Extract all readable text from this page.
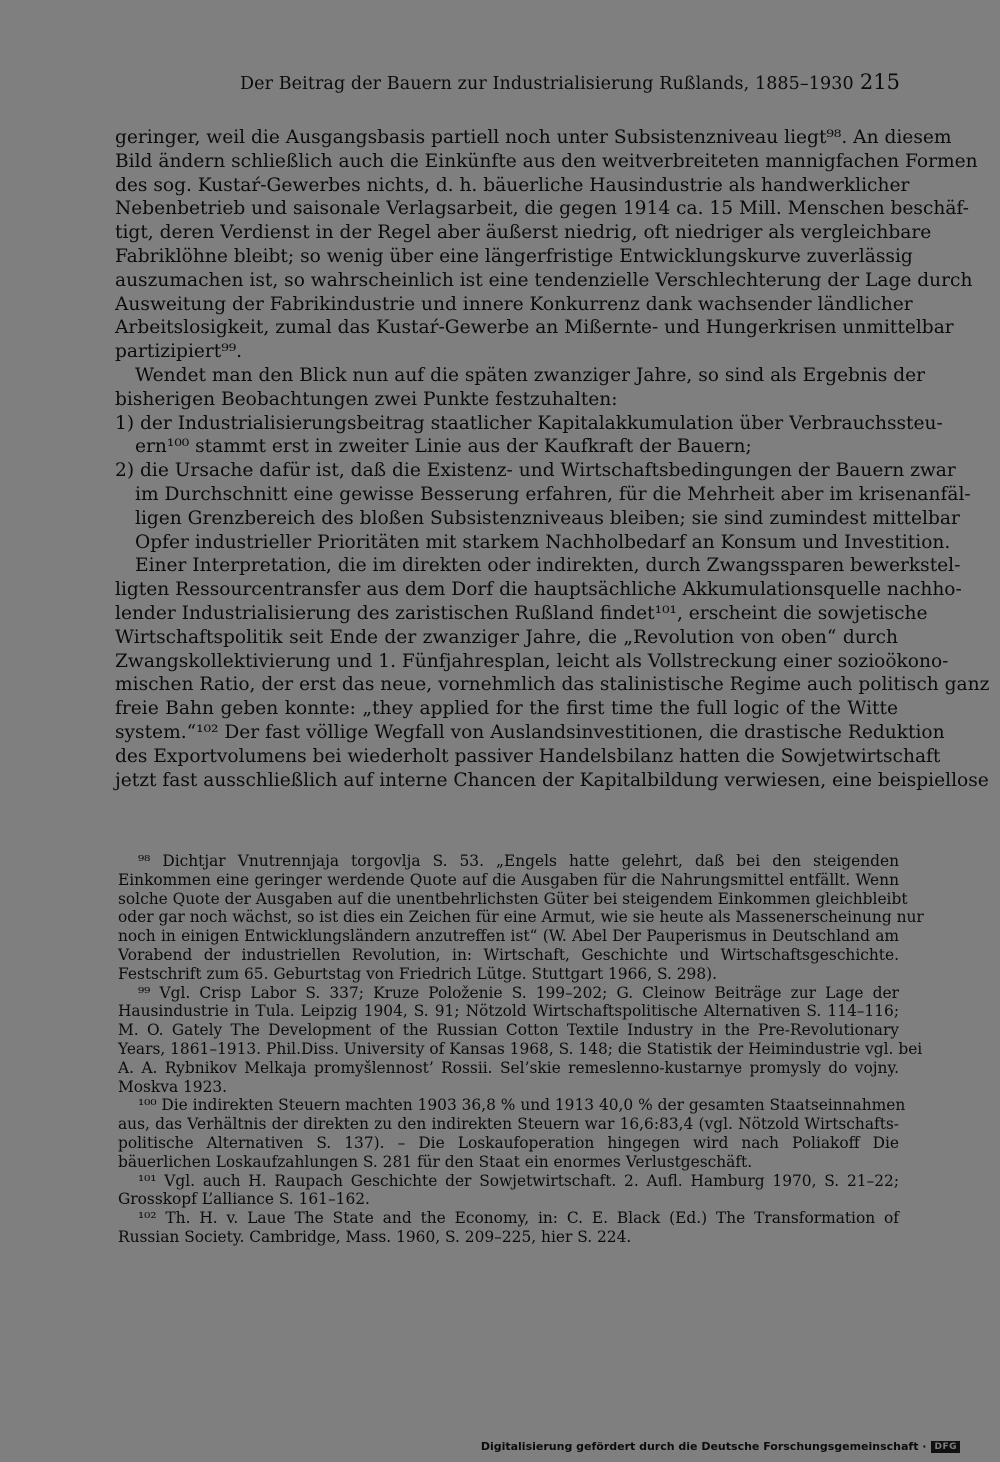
Der Beitrag der Bauern zur Industrialisierung Rußlands, 1885–1930 215
geringer, weil die Ausgangsbasis partiell noch unter Subsistenzniveau liegt⁹⁸. An diesem
Bild ändern schließlich auch die Einkünfte aus den weitverbreiteten mannigfachen Formen
des sog. Kustaŕ-Gewerbes nichts, d. h. bäuerliche Hausindustrie als handwerklicher
Nebenbetrieb und saisonale Verlagsarbeit, die gegen 1914 ca. 15 Mill. Menschen beschäf-
tigt, deren Verdienst in der Regel aber äußerst niedrig, oft niedriger als vergleichbare
Fabriklöhne bleibt; so wenig über eine längerfristige Entwicklungskurve zuverlässig
auszumachen ist, so wahrscheinlich ist eine tendenzielle Verschlechterung der Lage durch
Ausweitung der Fabrikindustrie und innere Konkurrenz dank wachsender ländlicher
Arbeitslosigkeit, zumal das Kustaŕ-Gewerbe an Mißernte- und Hungerkrisen unmittelbar
partizipiert⁹⁹.
Wendet man den Blick nun auf die späten zwanziger Jahre, so sind als Ergebnis der
bisherigen Beobachtungen zwei Punkte festzuhalten:
1) der Industrialisierungsbeitrag staatlicher Kapitalakkumulation über Verbrauchssteu-
ern¹⁰⁰ stammt erst in zweiter Linie aus der Kaufkraft der Bauern;
2) die Ursache dafür ist, daß die Existenz- und Wirtschaftsbedingungen der Bauern zwar
im Durchschnitt eine gewisse Besserung erfahren, für die Mehrheit aber im krisenanfäl-
ligen Grenzbereich des bloßen Subsistenzniveaus bleiben; sie sind zumindest mittelbar
Opfer industrieller Prioritäten mit starkem Nachholbedarf an Konsum und Investition.
Einer Interpretation, die im direkten oder indirekten, durch Zwangssparen bewerkstel-
ligten Ressourcentransfer aus dem Dorf die hauptsächliche Akkumulationsquelle nachho-
lender Industrialisierung des zaristischen Rußland findet¹⁰¹, erscheint die sowjetische
Wirtschaftspolitik seit Ende der zwanziger Jahre, die „Revolution von oben“ durch
Zwangskollektivierung und 1. Fünfjahresplan, leicht als Vollstreckung einer sozioökono-
mischen Ratio, der erst das neue, vornehmlich das stalinistische Regime auch politisch ganz
freie Bahn geben konnte: „they applied for the first time the full logic of the Witte
system.“¹⁰² Der fast völlige Wegfall von Auslandsinvestitionen, die drastische Reduktion
des Exportvolumens bei wiederholt passiver Handelsbilanz hatten die Sowjetwirtschaft
jetzt fast ausschließlich auf interne Chancen der Kapitalbildung verwiesen, eine beispiellose
⁹⁸ Dichtjar Vnutrennjaja torgovlja S. 53. „Engels hatte gelehrt, daß bei den steigenden
Einkommen eine geringer werdende Quote auf die Ausgaben für die Nahrungsmittel entfällt. Wenn
solche Quote der Ausgaben auf die unentbehrlichsten Güter bei steigendem Einkommen gleichbleibt
oder gar noch wächst, so ist dies ein Zeichen für eine Armut, wie sie heute als Massenerscheinung nur
noch in einigen Entwicklungsländern anzutreffen ist“ (W. Abel Der Pauperismus in Deutschland am
Vorabend der industriellen Revolution, in: Wirtschaft, Geschichte und Wirtschaftsgeschichte.
Festschrift zum 65. Geburtstag von Friedrich Lütge. Stuttgart 1966, S. 298).
⁹⁹ Vgl. Crisp Labor S. 337; Kruze Položenie S. 199–202; G. Cleinow Beiträge zur Lage der
Hausindustrie in Tula. Leipzig 1904, S. 91; Nötzold Wirtschaftspolitische Alternativen S. 114–116;
M. O. Gately The Development of the Russian Cotton Textile Industry in the Pre-Revolutionary
Years, 1861–1913. Phil.Diss. University of Kansas 1968, S. 148; die Statistik der Heimindustrie vgl. bei
A. A. Rybnikov Melkaja promyšlennost’ Rossii. Sel’skie remeslenno-kustarnye promysly do vojny.
Moskva 1923.
¹⁰⁰ Die indirekten Steuern machten 1903 36,8 % und 1913 40,0 % der gesamten Staatseinnahmen
aus, das Verhältnis der direkten zu den indirekten Steuern war 16,6:83,4 (vgl. Nötzold Wirtschafts-
politische Alternativen S. 137). – Die Loskaufoperation hingegen wird nach Poliakoff Die
bäuerlichen Loskaufzahlungen S. 281 für den Staat ein enormes Verlustgeschäft.
¹⁰¹ Vgl. auch H. Raupach Geschichte der Sowjetwirtschaft. 2. Aufl. Hamburg 1970, S. 21–22;
Grosskopf L’alliance S. 161–162.
¹⁰² Th. H. v. Laue The State and the Economy, in: C. E. Black (Ed.) The Transformation of
Russian Society. Cambridge, Mass. 1960, S. 209–225, hier S. 224.
Digitalisierung gefördert durch die Deutsche Forschungsgemeinschaft · DFG
